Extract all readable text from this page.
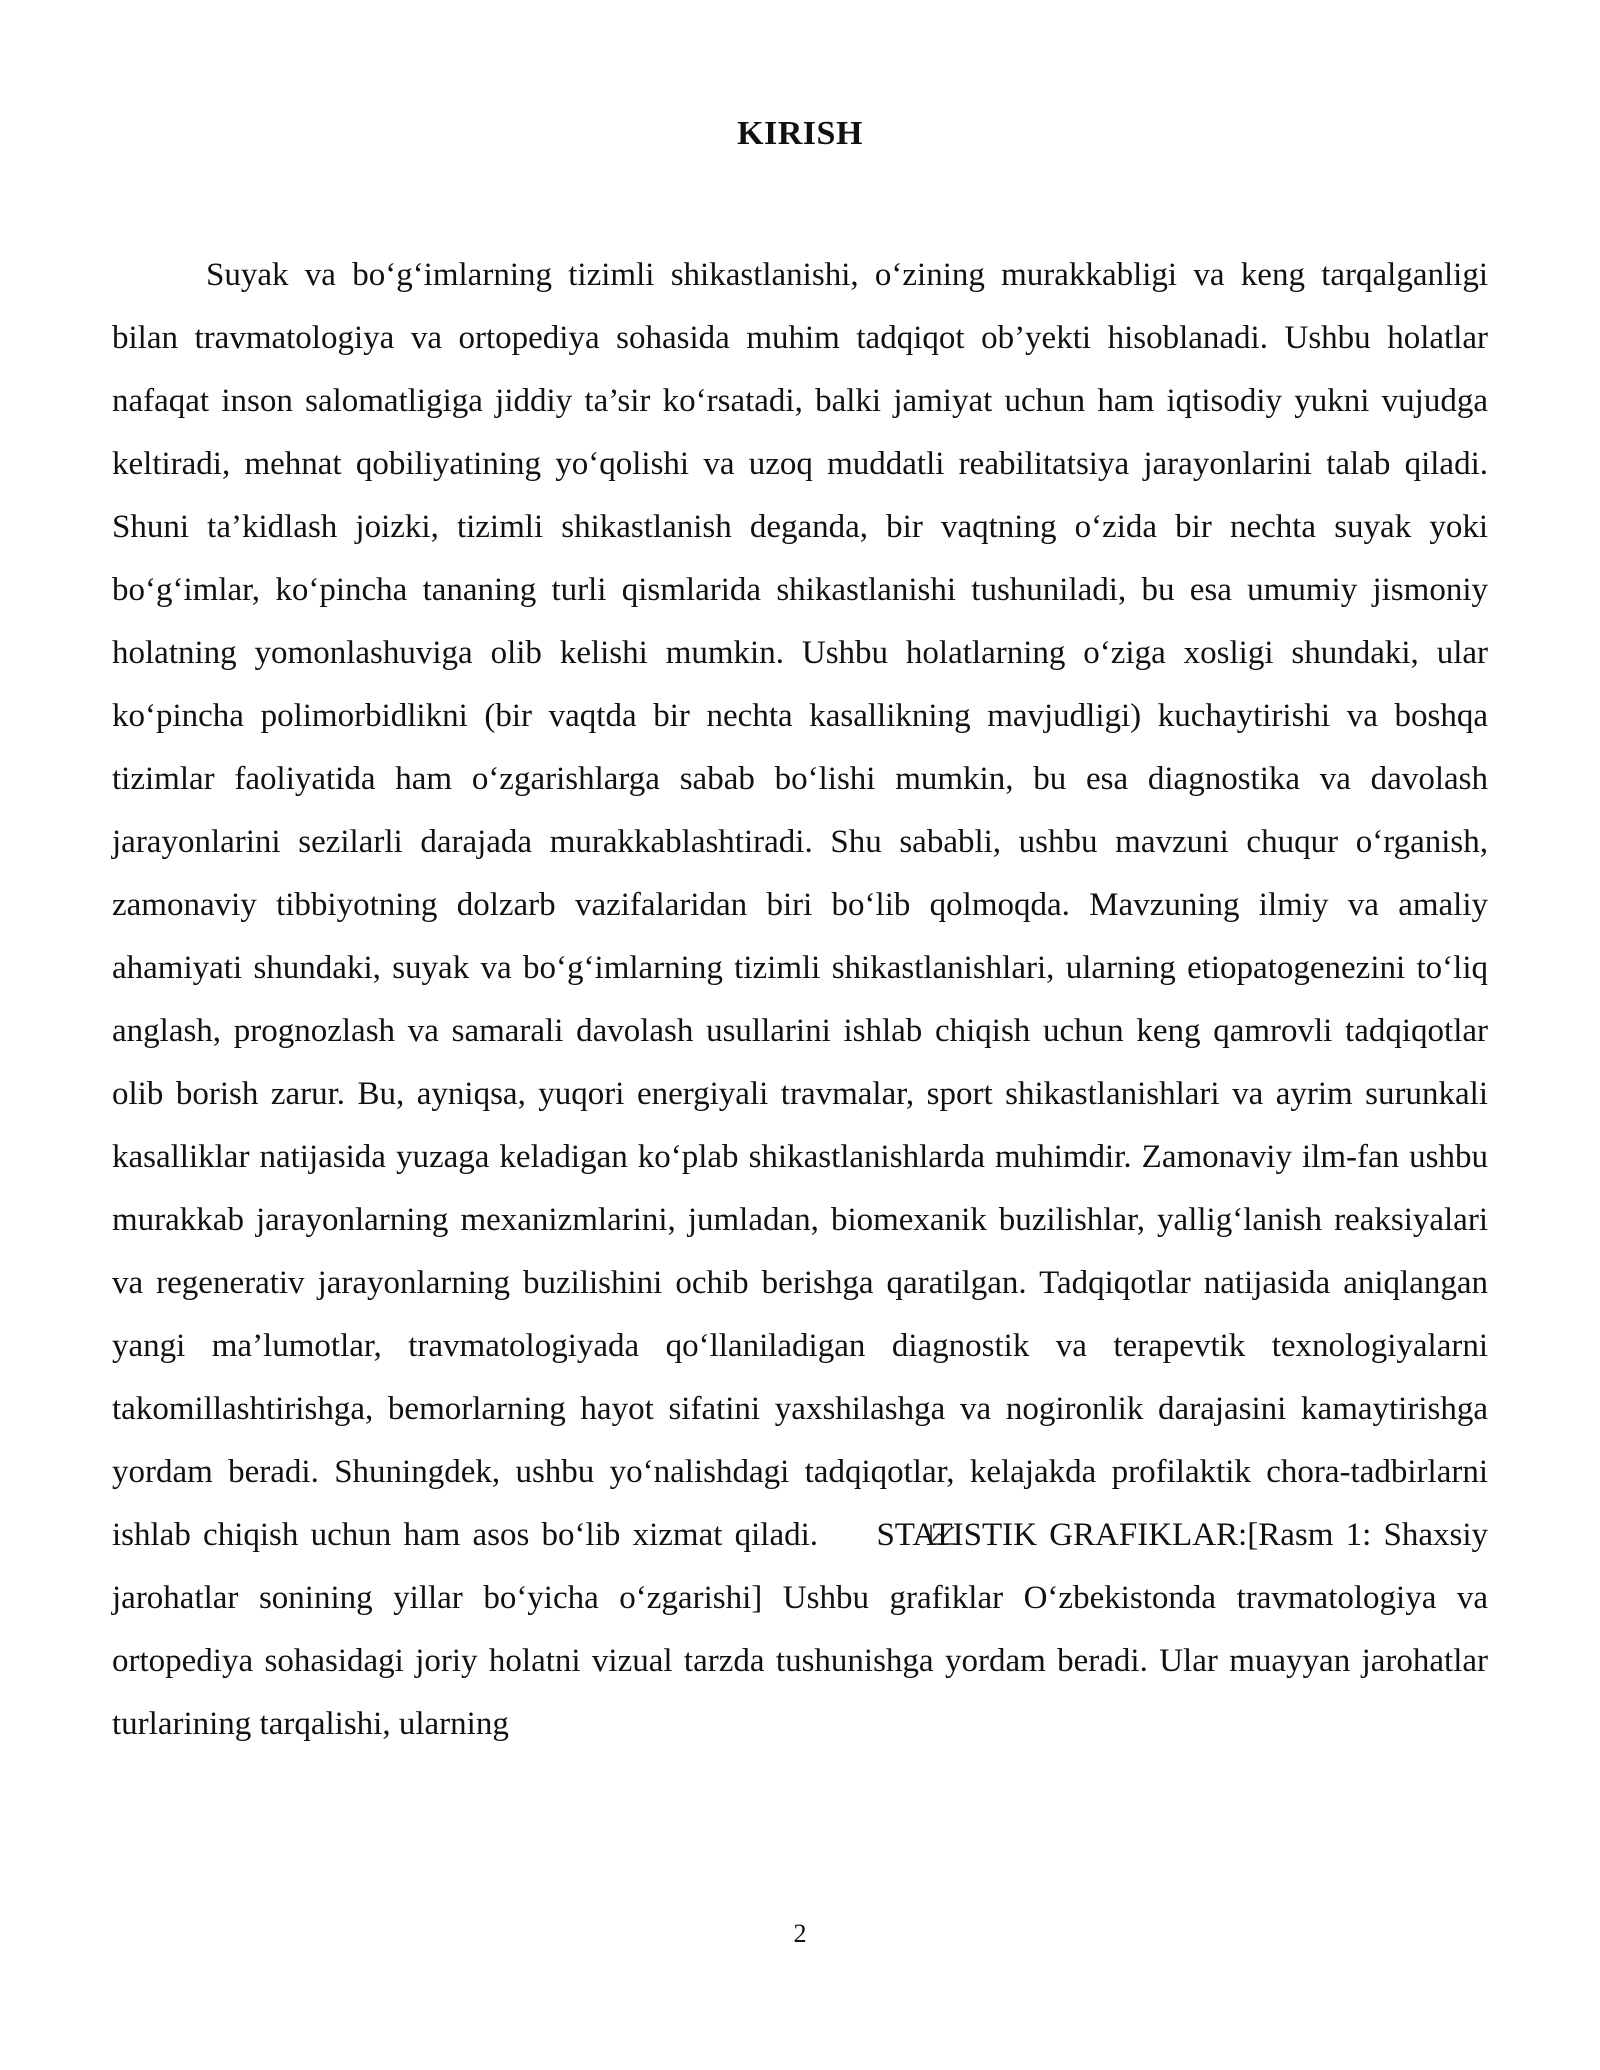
KIRISH

Suyak va bo‘g‘imlarning tizimli shikastlanishi, o‘zining murakkabligi va keng tarqalganligi bilan travmatologiya va ortopediya sohasida muhim tadqiqot ob’yekti hisoblanadi. Ushbu holatlar nafaqat inson salomatligiga jiddiy ta’sir ko‘rsatadi, balki jamiyat uchun ham iqtisodiy yukni vujudga keltiradi, mehnat qobiliyatining yo‘qolishi va uzoq muddatli reabilitatsiya jarayonlarini talab qiladi. Shuni ta’kidlash joizki, tizimli shikastlanish deganda, bir vaqtning o‘zida bir nechta suyak yoki bo‘g‘imlar, ko‘pincha tananing turli qismlarida shikastlanishi tushuniladi, bu esa umumiy jismoniy holatning yomonlashuviga olib kelishi mumkin. Ushbu holatlarning o‘ziga xosligi shundaki, ular ko‘pincha polimorbidlikni (bir vaqtda bir nechta kasallikning mavjudligi) kuchaytirishi va boshqa tizimlar faoliyatida ham o‘zgarishlarga sabab bo‘lishi mumkin, bu esa diagnostika va davolash jarayonlarini sezilarli darajada murakkablashtiradi. Shu sababli, ushbu mavzuni chuqur o‘rganish, zamonaviy tibbiyotning dolzarb vazifalaridan biri bo‘lib qolmoqda. Mavzuning ilmiy va amaliy ahamiyati shundaki, suyak va bo‘g‘imlarning tizimli shikastlanishlari, ularning etiopatogenezini to‘liq anglash, prognozlash va samarali davolash usullarini ishlab chiqish uchun keng qamrovli tadqiqotlar olib borish zarur. Bu, ayniqsa, yuqori energiyali travmalar, sport shikastlanishlari va ayrim surunkali kasalliklar natijasida yuzaga keladigan ko‘plab shikastlanishlarda muhimdir. Zamonaviy ilm-fan ushbu murakkab jarayonlarning mexanizmlarini, jumladan, biomexanik buzilishlar, yallig‘lanish reaksiyalari va regenerativ jarayonlarning buzilishini ochib berishga qaratilgan. Tadqiqotlar natijasida aniqlangan yangi ma’lumotlar, travmatologiyada qo‘llaniladigan diagnostik va terapevtik texnologiyalarni takomillashtirishga, bemorlarning hayot sifatini yaxshilashga va nogironlik darajasini kamaytirishga yordam beradi. Shuningdek, ushbu yo‘nalishdagi tadqiqotlar, kelajakda profilaktik chora-tadbirlarni ishlab chiqish uchun ham asos bo‘lib xizmat qiladi. STATISTIK GRAFIKLAR:[Rasm 1: Shaxsiy jarohatlar sonining yillar bo‘yicha o‘zgarishi] Ushbu grafiklar O‘zbekistonda travmatologiya va ortopediya sohasidagi joriy holatni vizual tarzda tushunishga yordam beradi. Ular muayyan jarohatlar turlarining tarqalishi, ularning

2
